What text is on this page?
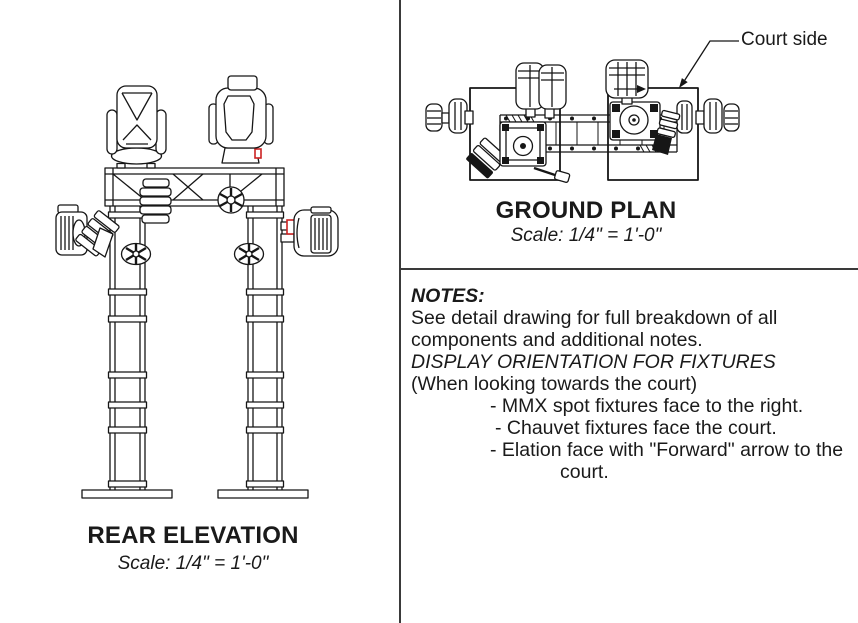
REAR ELEVATION
Scale: 1/4" = 1'-0"
GROUND PLAN
Scale: 1/4" = 1'-0"
Court side
NOTES:
See detail drawing for full breakdown of all
components and additional notes.
DISPLAY ORIENTATION FOR FIXTURES
(When looking towards the court)
- MMX spot fixtures face to the right.
- Chauvet fixtures face the court.
- Elation face with "Forward" arrow to the
court.
